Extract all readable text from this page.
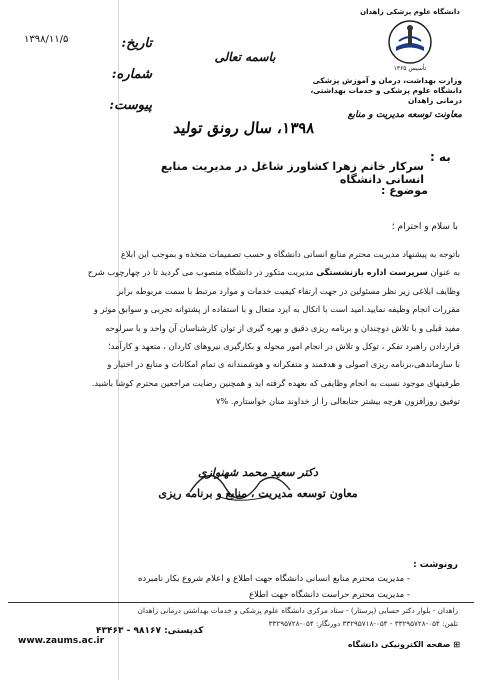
تاریخ:
شماره:
پیوست:
۱۳۹۸/۱۱/۵
باسمه تعالی
۱۳۹۸، سال رونق تولید
دانشگاه علوم پزشکی زاهدان
تأسیس ۱۳۶۵
وزارت بهداشت، درمان و آموزش پزشکی
دانشگاه علوم پزشکی و خدمات بهداشتی، درمانی زاهدان
معاونت توسعه مدیریت و منابع
به :
سرکار خانم زهرا کشاورز شاغل در مدیریت منابع انسانی دانشگاه
موضوع :
با سلام و احترام ؛
باتوجه به پیشنهاد مدیریت محترم منابع انسانی دانشگاه و حسب تصمیمات متخذه و بموجب این ابلاغ
به عنوان سرپرست اداره بازنشستگی مدیریت متکور در دانشگاه منصوب می گردید تا در چهارچوب شرح
وظایف ابلاغی زیر نظر مسئولین در جهت ارتقاء کیفیت خدمات و موارد مرتبط با سمت مربوطه برابر
مقررات انجام وظیفه نمایید.امید است با اتکال به ایزد متعال و با استفاده از پشتوانه تجربی و سوابق موثر و
مفید قبلی و با تلاش دوچندان و برنامه ریزی دقیق و بهره گیری از توان کارشناسان آن واحد و با سرلوحه
قراردادن راهبرد تفکر ، توکل و تلاش در انجام امور محوله و بکارگیری نیروهای کاردان ، متعهد و کارآمد؛
با سازماندهی،برنامه ریزی اصولی و هدفمند و متفکرانه و هوشمندانه ی تمام امکانات و منابع در اختیار و
طرفیتهای موجود نسبت به انجام وظایفی که بعهده گرفته اید و همچنین رضایت مراجعین محترم کوشا باشید.
توفیق روزافزون هرچه بیشتر جنابعالی را از خداوند منان خواستارم. %۷
دکتر سعید محمد شهنوازی
معاون توسعه مدیریت ، منابع و برنامه ریزی
رونوشت :
- مدیریت محترم منابع انسانی دانشگاه جهت اطلاع و اعلام شروع بکار نامبرده
- مدیریت محترم حراست دانشگاه جهت اطلاع
زاهدان - بلوار دکتر حسابی (پرستار) - ستاد مرکزی دانشگاه علوم پزشکی و خدمات بهداشتی درمانی زاهدان
تلفن: ۰۵۴-۳۳۲۹۵۷۲۸ - ۰۵۴-۳۳۲۹۵۷۱۸ دورنگار: ۰۵۴-۳۳۲۹۵۷۲۸
کدپستی: ۹۸۱۶۷ - ۴۳۴۶۳
www.zaums.ac.ir	⊞ صفحه الکترونیکی دانشگاه
